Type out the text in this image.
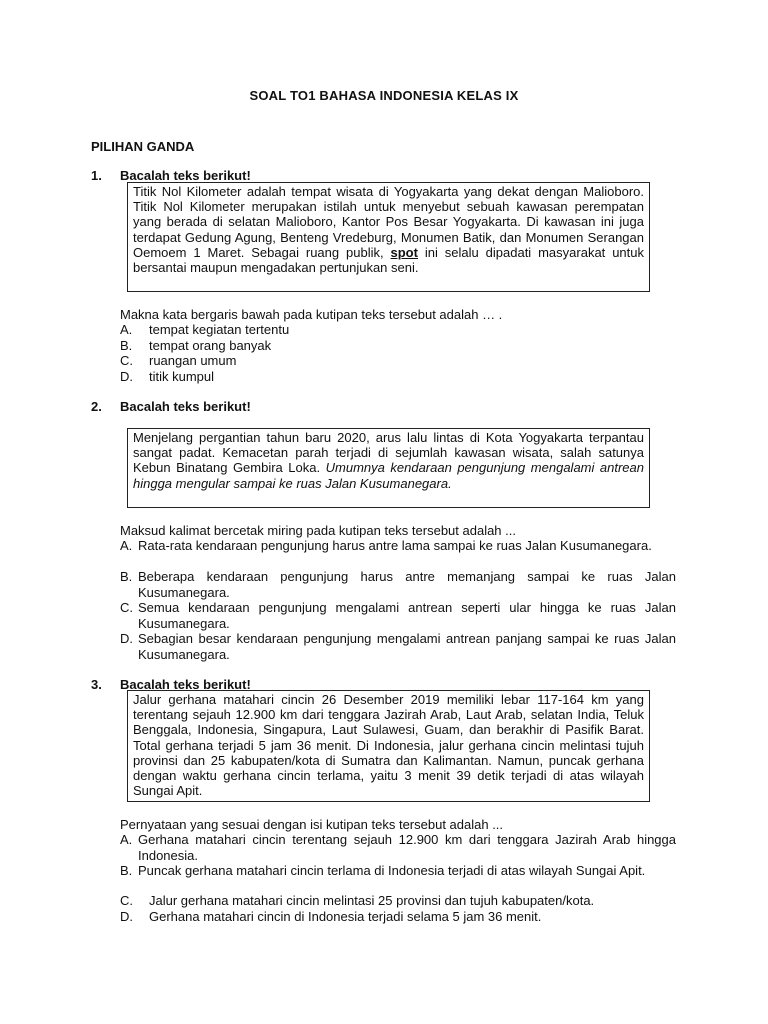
SOAL TO1 BAHASA INDONESIA KELAS IX
PILIHAN GANDA
1. Bacalah teks berikut!

Titik Nol Kilometer adalah tempat wisata di Yogyakarta yang dekat dengan Malioboro. Titik Nol Kilometer merupakan istilah untuk menyebut sebuah kawasan perempatan yang berada di selatan Malioboro, Kantor Pos Besar Yogyakarta. Di kawasan ini juga terdapat Gedung Agung, Benteng Vredeburg, Monumen Batik, dan Monumen Serangan Oemoem 1 Maret. Sebagai ruang publik, spot ini selalu dipadati masyarakat untuk bersantai maupun mengadakan pertunjukan seni.

Makna kata bergaris bawah pada kutipan teks tersebut adalah … .
A. tempat kegiatan tertentu
B. tempat orang banyak
C. ruangan umum
D. titik kumpul
2. Bacalah teks berikut!

Menjelang pergantian tahun baru 2020, arus lalu lintas di Kota Yogyakarta terpantau sangat padat. Kemacetan parah terjadi di sejumlah kawasan wisata, salah satunya Kebun Binatang Gembira Loka. Umumnya kendaraan pengunjung mengalami antrean hingga mengular sampai ke ruas Jalan Kusumanegara.

Maksud kalimat bercetak miring pada kutipan teks tersebut adalah ...
A. Rata-rata kendaraan pengunjung harus antre lama sampai ke ruas Jalan Kusumanegara.
B. Beberapa kendaraan pengunjung harus antre memanjang sampai ke ruas Jalan Kusumanegara.
C. Semua kendaraan pengunjung mengalami antrean seperti ular hingga ke ruas Jalan Kusumanegara.
D. Sebagian besar kendaraan pengunjung mengalami antrean panjang sampai ke ruas Jalan Kusumanegara.
3. Bacalah teks berikut!

Jalur gerhana matahari cincin 26 Desember 2019 memiliki lebar 117-164 km yang terentang sejauh 12.900 km dari tenggara Jazirah Arab, Laut Arab, selatan India, Teluk Benggala, Indonesia, Singapura, Laut Sulawesi, Guam, dan berakhir di Pasifik Barat. Total gerhana terjadi 5 jam 36 menit. Di Indonesia, jalur gerhana cincin melintasi tujuh provinsi dan 25 kabupaten/kota di Sumatra dan Kalimantan. Namun, puncak gerhana dengan waktu gerhana cincin terlama, yaitu 3 menit 39 detik terjadi di atas wilayah Sungai Apit.

Pernyataan yang sesuai dengan isi kutipan teks tersebut adalah ...
A. Gerhana matahari cincin terentang sejauh 12.900 km dari tenggara Jazirah Arab hingga Indonesia.
B. Puncak gerhana matahari cincin terlama di Indonesia terjadi di atas wilayah Sungai Apit.
C. Jalur gerhana matahari cincin melintasi 25 provinsi dan tujuh kabupaten/kota.
D. Gerhana matahari cincin di Indonesia terjadi selama 5 jam 36 menit.
